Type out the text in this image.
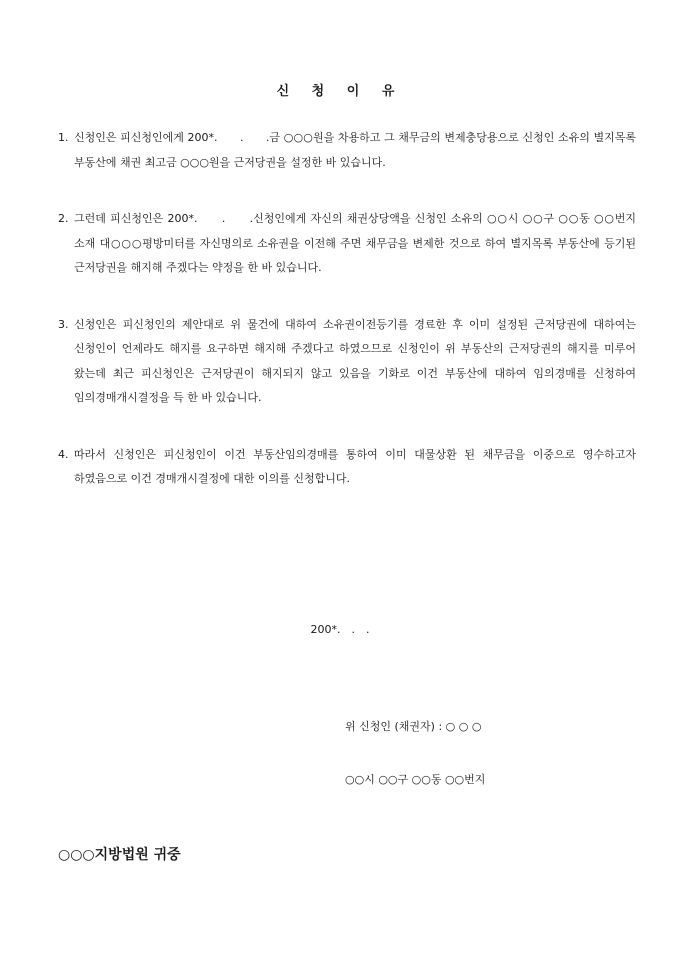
신 청 이 유
1. 신청인은 피신청인에게 200*.　　.　　.금 ○○○원을 차용하고 그 채무금의 변제충당용으로 신청인 소유의 별지목록 부동산에 채권 최고금 ○○○원을 근저당권을 설정한 바 있습니다.
2. 그런데 피신청인은 200*.　　.　　.신청인에게 자신의 채권상당액을 신청인 소유의 ○○시 ○○구 ○○동 ○○번지 소재 대○○○평방미터를 자신명의로 소유권을 이전해 주면 채무금을 변제한 것으로 하여 별지목록 부동산에 등기된 근저당권을 해지해 주겠다는 약정을 한 바 있습니다.
3. 신청인은 피신청인의 제안대로 위 물건에 대하여 소유권이전등기를 경료한 후 이미 설정된 근저당권에 대하여는 신청인이 언제라도 해지를 요구하면 해지해 주겠다고 하였으므로 신청인이 위 부동산의 근저당권의 해지를 미루어 왔는데 최근 피신청인은 근저당권이 해지되지 않고 있음을 기화로 이건 부동산에 대하여 임의경매를 신청하여 임의경매개시결정을 득 한 바 있습니다.
4. 따라서 신청인은 피신청인이 이건 부동산임의경매를 통하여 이미 대물상환 된 채무금을 이중으로 영수하고자 하였음으로 이건 경매개시결정에 대한 이의를 신청합니다.
200*.　.　.
위 신청인 (채권자) : ○ ○ ○
○○시 ○○구 ○○동 ○○번지
○○○지방법원 귀중
